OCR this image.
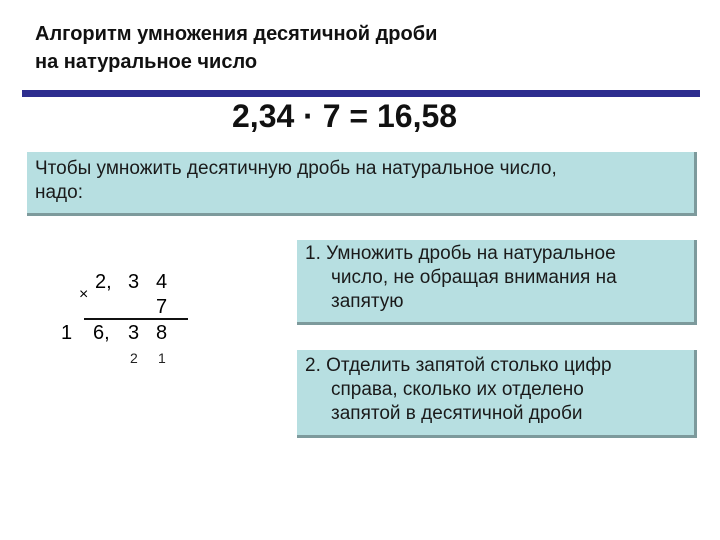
Алгоритм умножения десятичной дроби
на натуральное число
2,34 · 7 = 16,58
Чтобы умножить десятичную дробь на натуральное число,
надо:
×
2, 3 4
7
1 6, 3 8
2 1
1. Умножить дробь на натуральное
число, не обращая внимания на
запятую
2. Отделить запятой столько цифр
справа, сколько их отделено
запятой в десятичной дроби
